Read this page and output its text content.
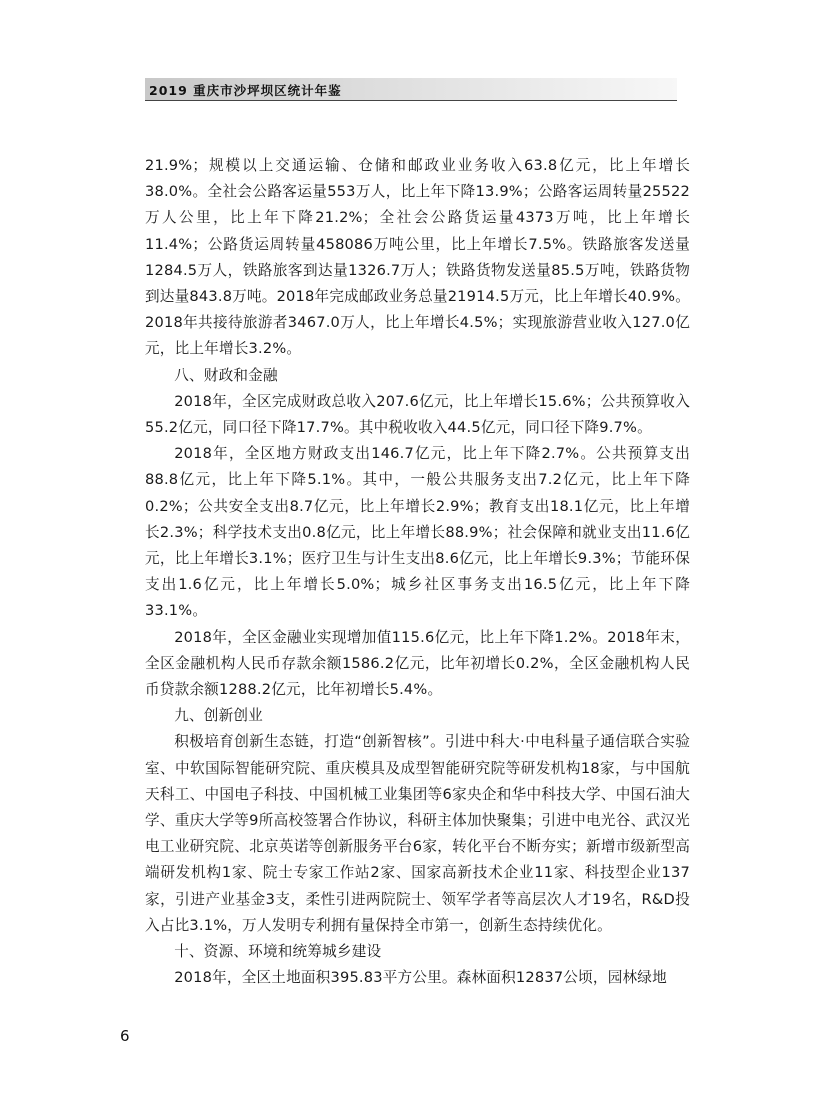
2019 重庆市沙坪坝区统计年鉴

21.9%；规模以上交通运输、仓储和邮政业业务收入63.8亿元，比上年增长38.0%。全社会公路客运量553万人，比上年下降13.9%；公路客运周转量25522万人公里，比上年下降21.2%；全社会公路货运量4373万吨，比上年增长11.4%；公路货运周转量458086万吨公里，比上年增长7.5%。铁路旅客发送量1284.5万人，铁路旅客到达量1326.7万人；铁路货物发送量85.5万吨，铁路货物到达量843.8万吨。2018年完成邮政业务总量21914.5万元，比上年增长40.9%。2018年共接待旅游者3467.0万人，比上年增长4.5%；实现旅游营业收入127.0亿元，比上年增长3.2%。

八、财政和金融

2018年，全区完成财政总收入207.6亿元，比上年增长15.6%；公共预算收入55.2亿元，同口径下降17.7%。其中税收收入44.5亿元，同口径下降9.7%。

2018年，全区地方财政支出146.7亿元，比上年下降2.7%。公共预算支出88.8亿元，比上年下降5.1%。其中，一般公共服务支出7.2亿元，比上年下降0.2%；公共安全支出8.7亿元，比上年增长2.9%；教育支出18.1亿元，比上年增长2.3%；科学技术支出0.8亿元，比上年增长88.9%；社会保障和就业支出11.6亿元，比上年增长3.1%；医疗卫生与计生支出8.6亿元，比上年增长9.3%；节能环保支出1.6亿元，比上年增长5.0%；城乡社区事务支出16.5亿元，比上年下降33.1%。

2018年，全区金融业实现增加值115.6亿元，比上年下降1.2%。2018年末，全区金融机构人民币存款余额1586.2亿元，比年初增长0.2%，全区金融机构人民币贷款余额1288.2亿元，比年初增长5.4%。

九、创新创业

积极培育创新生态链，打造“创新智核”。引进中科大·中电科量子通信联合实验室、中软国际智能研究院、重庆模具及成型智能研究院等研发机构18家，与中国航天科工、中国电子科技、中国机械工业集团等6家央企和华中科技大学、中国石油大学、重庆大学等9所高校签署合作协议，科研主体加快聚集；引进中电光谷、武汉光电工业研究院、北京英诺等创新服务平台6家，转化平台不断夯实；新增市级新型高端研发机构1家、院士专家工作站2家、国家高新技术企业11家、科技型企业137家，引进产业基金3支，柔性引进两院院士、领军学者等高层次人才19名，R&D投入占比3.1%，万人发明专利拥有量保持全市第一，创新生态持续优化。

十、资源、环境和统筹城乡建设

2018年，全区土地面积395.83平方公里。森林面积12837公顷，园林绿地

6
